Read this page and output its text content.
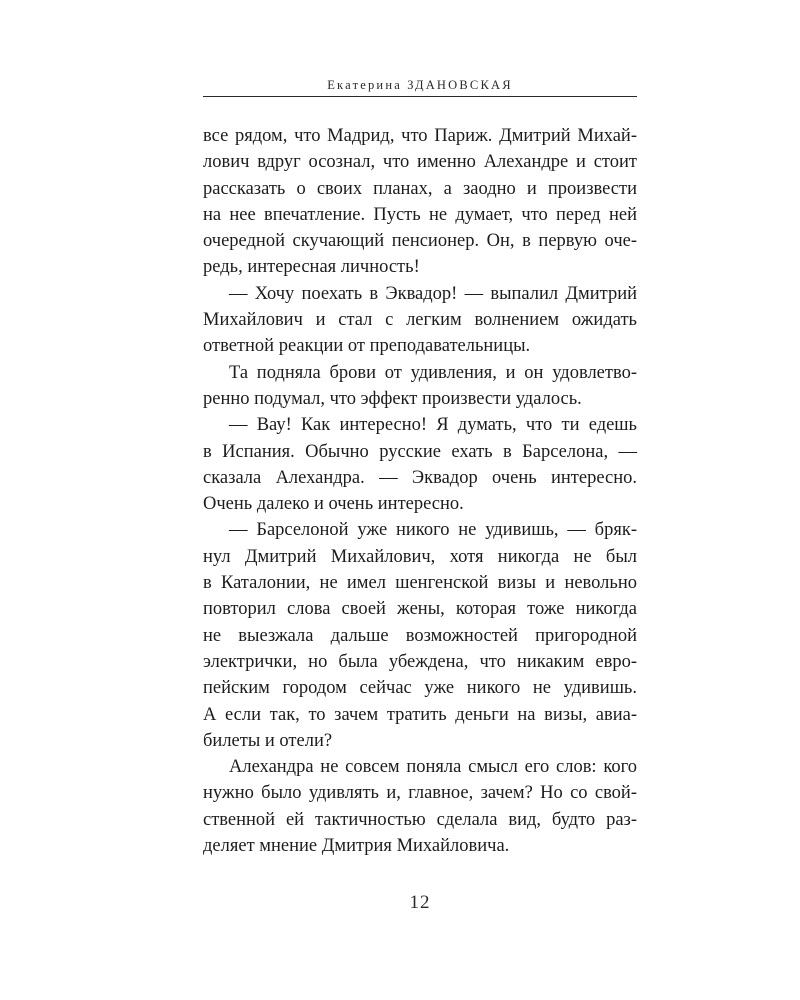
Екатерина ЗДАНОВСКАЯ
все рядом, что Мадрид, что Париж. Дмитрий Михай-
лович вдруг осознал, что именно Алехандре и стоит
рассказать о своих планах, а заодно и произвести
на нее впечатление. Пусть не думает, что перед ней
очередной скучающий пенсионер. Он, в первую оче-
редь, интересная личность!
— Хочу поехать в Эквадор! — выпалил Дмитрий
Михайлович и стал с легким волнением ожидать
ответной реакции от преподавательницы.
Та подняла брови от удивления, и он удовлетво-
ренно подумал, что эффект произвести удалось.
— Вау! Как интересно! Я думать, что ти едешь
в Испания. Обычно русские ехать в Барселона, —
сказала Алехандра. — Эквадор очень интересно.
Очень далеко и очень интересно.
— Барселоной уже никого не удивишь, — бряк-
нул Дмитрий Михайлович, хотя никогда не был
в Каталонии, не имел шенгенской визы и невольно
повторил слова своей жены, которая тоже никогда
не выезжала дальше возможностей пригородной
электрички, но была убеждена, что никаким евро-
пейским городом сейчас уже никого не удивишь.
А если так, то зачем тратить деньги на визы, авиа-
билеты и отели?
Алехандра не совсем поняла смысл его слов: кого
нужно было удивлять и, главное, зачем? Но со свой-
ственной ей тактичностью сделала вид, будто раз-
деляет мнение Дмитрия Михайловича.
12
